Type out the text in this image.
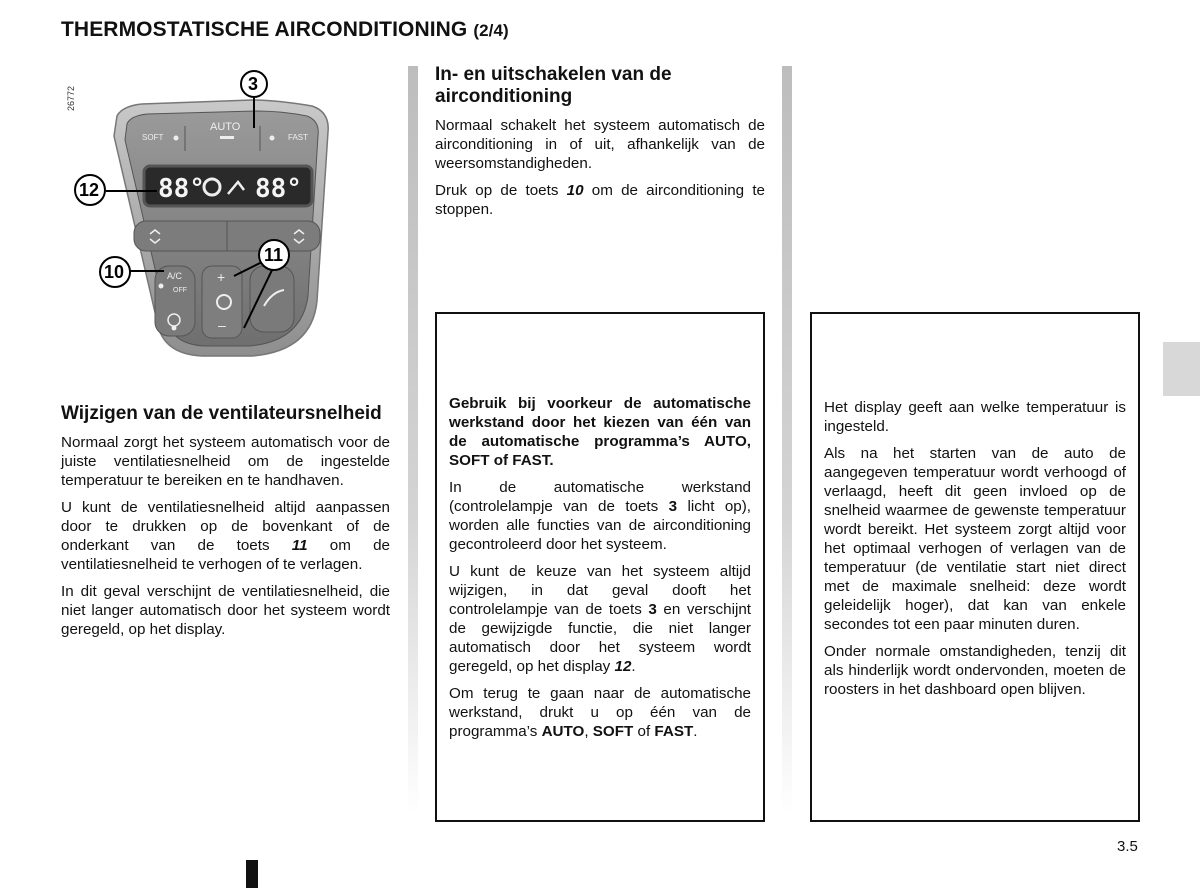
THERMOSTATISCHE AIRCONDITIONING (2/4)
26772
SOFT
AUTO
FAST
88° 88°
A/C
OFF
+
–
3
12
10
11
Wijzigen van de ventilateursnelheid

Normaal zorgt het systeem automatisch voor de juiste ventilatiesnelheid om de ingestelde temperatuur te bereiken en te handhaven.

U kunt de ventilatiesnelheid altijd aanpassen door te drukken op de bovenkant of de onderkant van de toets 11 om de ventilatiesnelheid te verhogen of te verlagen.

In dit geval verschijnt de ventilatiesnelheid, die niet langer automatisch door het systeem wordt geregeld, op het display.

In- en uitschakelen van de airconditioning

Normaal schakelt het systeem automatisch de airconditioning in of uit, afhankelijk van de weersomstandigheden.

Druk op de toets 10 om de airconditioning te stoppen.

Gebruik bij voorkeur de automatische werkstand door het kiezen van één van de automatische programma’s AUTO, SOFT of FAST.

In de automatische werkstand (controlelampje van de toets 3 licht op), worden alle functies van de airconditioning gecontroleerd door het systeem.

U kunt de keuze van het systeem altijd wijzigen, in dat geval dooft het controlelampje van de toets 3 en verschijnt de gewijzigde functie, die niet langer automatisch door het systeem wordt geregeld, op het display 12.

Om terug te gaan naar de automatische werkstand, drukt u op één van de programma’s AUTO, SOFT of FAST.

Het display geeft aan welke temperatuur is ingesteld.

Als na het starten van de auto de aangegeven temperatuur wordt verhoogd of verlaagd, heeft dit geen invloed op de snelheid waarmee de gewenste temperatuur wordt bereikt. Het systeem zorgt altijd voor het optimaal verhogen of verlagen van de temperatuur (de ventilatie start niet direct met de maximale snelheid: deze wordt geleidelijk hoger), dat kan van enkele secondes tot een paar minuten duren.

Onder normale omstandigheden, tenzij dit als hinderlijk wordt ondervonden, moeten de roosters in het dashboard open blijven.

3.5
